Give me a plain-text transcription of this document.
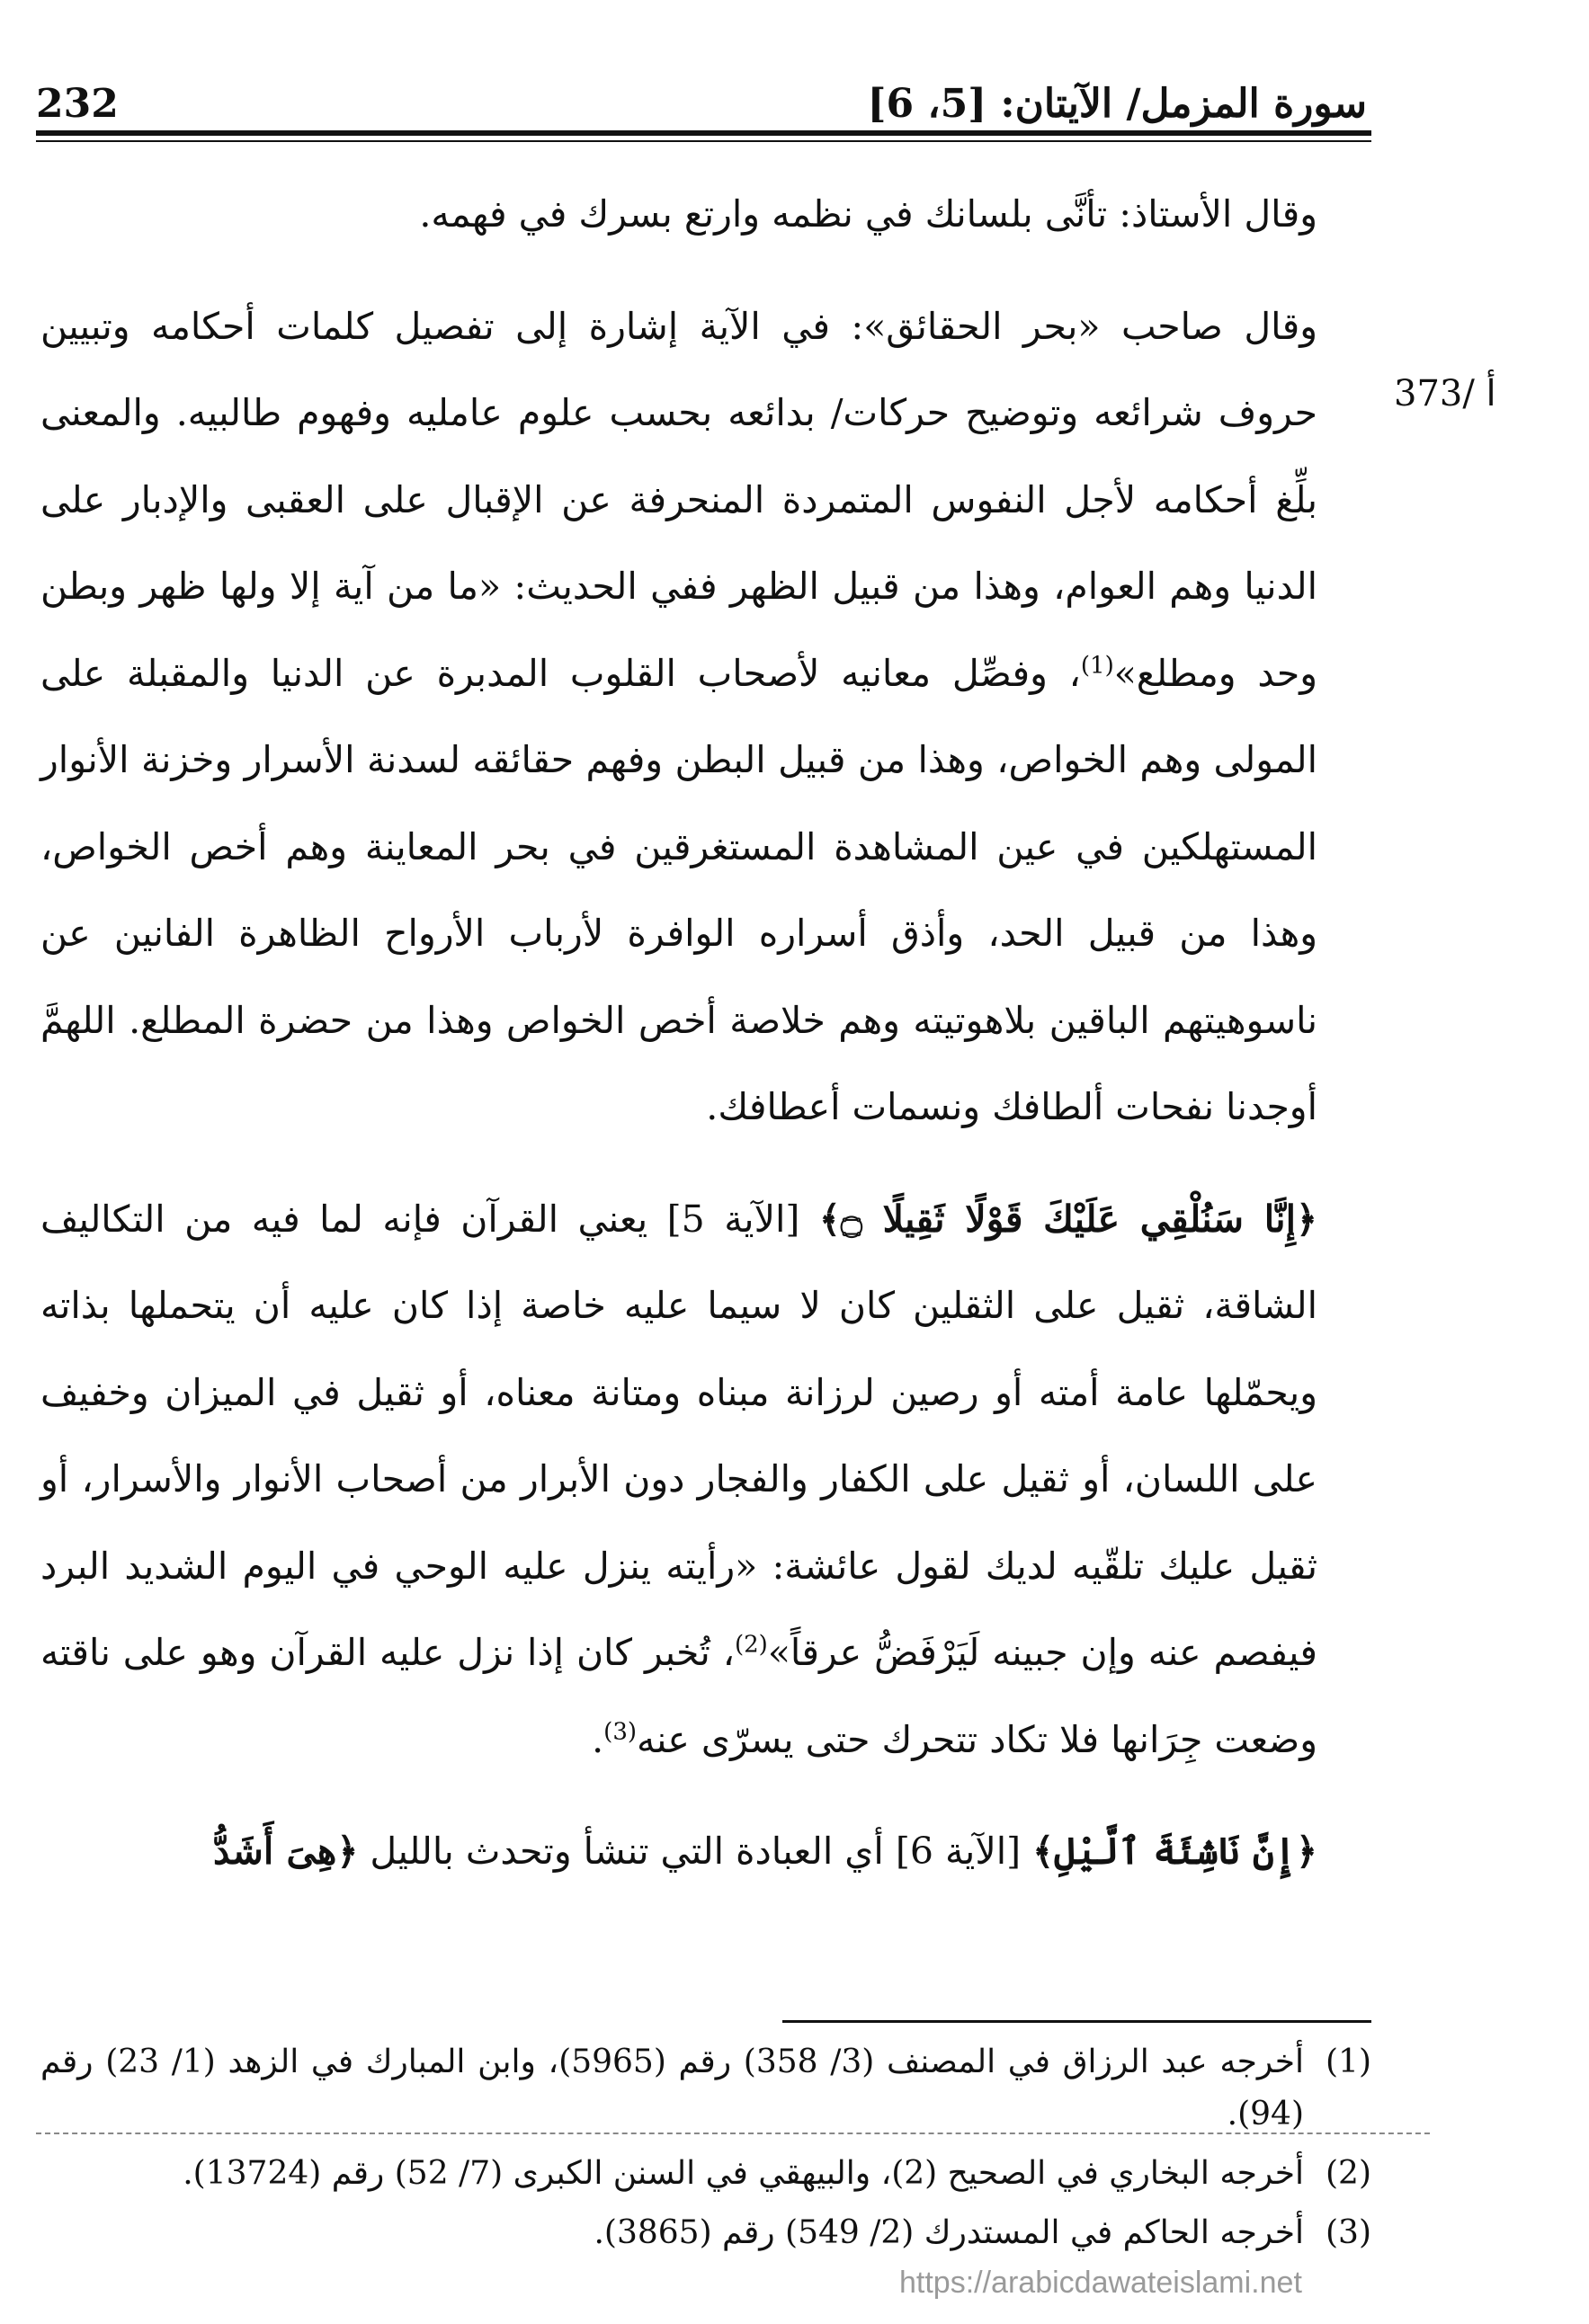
سورة المزمل/ الآيتان: [5، 6]
232
373/ أ

وقال الأستاذ: تأنَّى بلسانك في نظمه وارتع بسرك في فهمه.

وقال صاحب «بحر الحقائق»: في الآية إشارة إلى تفصيل كلمات أحكامه وتبيين حروف شرائعه وتوضيح حركات/ بدائعه بحسب علوم عامليه وفهوم طالبيه. والمعنى بلِّغ أحكامه لأجل النفوس المتمردة المنحرفة عن الإقبال على العقبى والإدبار على الدنيا وهم العوام، وهذا من قبيل الظهر ففي الحديث: «ما من آية إلا ولها ظهر وبطن وحد ومطلع»$^{(1)}$، وفصِّل معانيه لأصحاب القلوب المدبرة عن الدنيا والمقبلة على المولى وهم الخواص، وهذا من قبيل البطن وفهم حقائقه لسدنة الأسرار وخزنة الأنوار المستهلكين في عين المشاهدة المستغرقين في بحر المعاينة وهم أخص الخواص، وهذا من قبيل الحد، وأذق أسراره الوافرة لأرباب الأرواح الظاهرة الفانين عن ناسوهيتهم الباقين بلاهوتيته وهم خلاصة أخص الخواص وهذا من حضرة المطلع. اللهمَّ أوجدنا نفحات ألطافك ونسمات أعطافك.

﴿إِنَّا سَنُلْقِي عَلَيْكَ قَوْلًا ثَقِيلًا ۝﴾ [الآية 5] يعني القرآن فإنه لما فيه من التكاليف الشاقة، ثقيل على الثقلين كان لا سيما عليه خاصة إذا كان عليه أن يتحملها بذاته ويحمّلها عامة أمته أو رصين لرزانة مبناه ومتانة معناه، أو ثقيل في الميزان وخفيف على اللسان، أو ثقيل على الكفار والفجار دون الأبرار من أصحاب الأنوار والأسرار، أو ثقيل عليك تلقّيه لديك لقول عائشة: «رأيته ينزل عليه الوحي في اليوم الشديد البرد فيفصم عنه وإن جبينه لَيَرْفَضُّ عرقاً»$^{(2)}$، تُخبر كان إذا نزل عليه القرآن وهو على ناقته وضعت جِرَانها فلا تكاد تتحرك حتى يسرّى عنه$^{(3)}$.

﴿إِنَّ نَاشِئَةَ ٱلَّيْلِ﴾ [الآية 6] أي العبادة التي تنشأ وتحدث بالليل ﴿هِىَ أَشَدُّ

(1)
أخرجه عبد الرزاق في المصنف (3/ 358) رقم (5965)، وابن المبارك في الزهد (1/ 23) رقم (94).
(2)
أخرجه البخاري في الصحيح (2)، والبيهقي في السنن الكبرى (7/ 52) رقم (13724).
(3)
أخرجه الحاكم في المستدرك (2/ 549) رقم (3865).
https://arabicdawateislami.net
